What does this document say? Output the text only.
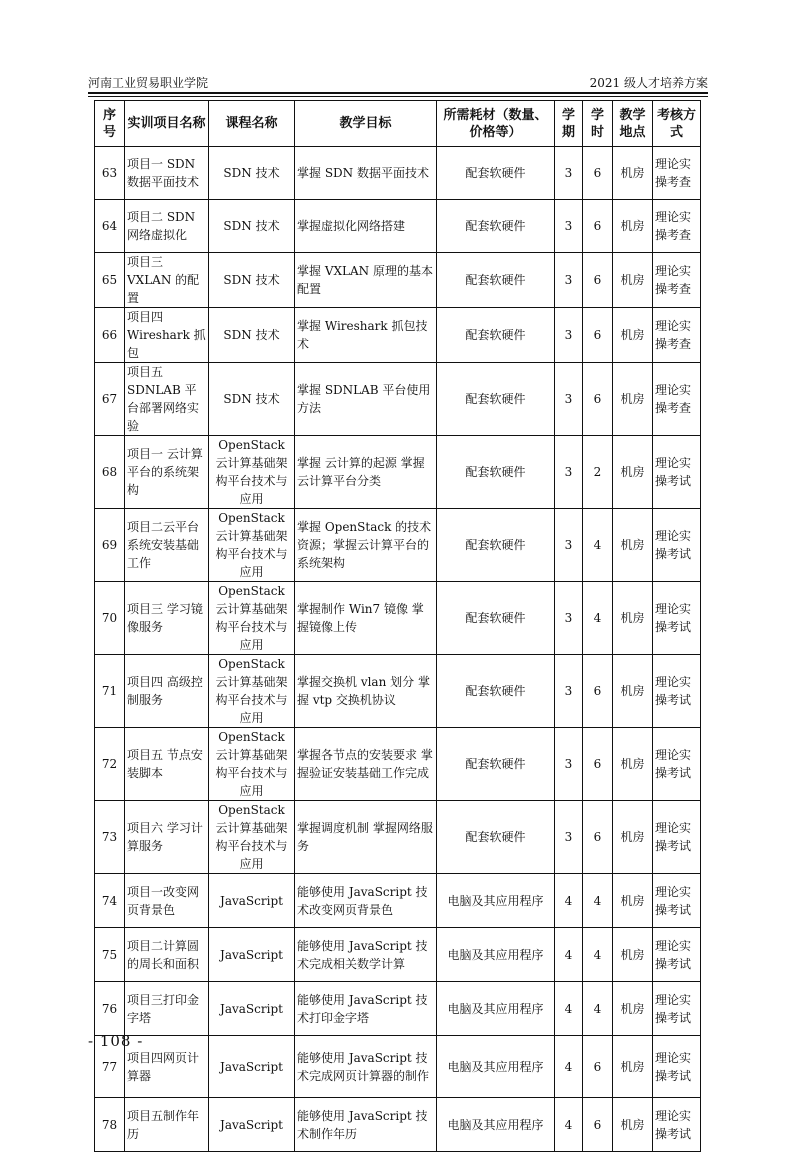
河南工业贸易职业学院	2021 级人才培养方案
序号	实训项目名称	课程名称	教学目标	所需耗材（数量、价格等）	学期	学时	教学地点	考核方式
63	项目一 SDN 数据平面技术	SDN 技术	掌握 SDN 数据平面技术	配套软硬件	3	6	机房	理论实操考查
64	项目二 SDN 网络虚拟化	SDN 技术	掌握虚拟化网络搭建	配套软硬件	3	6	机房	理论实操考查
65	项目三 VXLAN 的配置	SDN 技术	掌握 VXLAN 原理的基本配置	配套软硬件	3	6	机房	理论实操考查
66	项目四 Wireshark 抓包	SDN 技术	掌握 Wireshark 抓包技术	配套软硬件	3	6	机房	理论实操考查
67	项目五 SDNLAB 平台部署网络实验	SDN 技术	掌握 SDNLAB 平台使用方法	配套软硬件	3	6	机房	理论实操考查
68	项目一 云计算平台的系统架构	OpenStack 云计算基础架构平台技术与应用	掌握 云计算的起源 掌握 云计算平台分类	配套软硬件	3	2	机房	理论实操考试
69	项目二云平台系统安装基础工作	OpenStack 云计算基础架构平台技术与应用	掌握 OpenStack 的技术资源；掌握云计算平台的系统架构	配套软硬件	3	4	机房	理论实操考试
70	项目三 学习镜像服务	OpenStack 云计算基础架构平台技术与应用	掌握制作 Win7 镜像 掌握镜像上传	配套软硬件	3	4	机房	理论实操考试
71	项目四 高级控制服务	OpenStack 云计算基础架构平台技术与应用	掌握交换机 vlan 划分 掌握 vtp 交换机协议	配套软硬件	3	6	机房	理论实操考试
72	项目五 节点安装脚本	OpenStack 云计算基础架构平台技术与应用	掌握各节点的安装要求 掌握验证安装基础工作完成	配套软硬件	3	6	机房	理论实操考试
73	项目六 学习计算服务	OpenStack 云计算基础架构平台技术与应用	掌握调度机制 掌握网络服务	配套软硬件	3	6	机房	理论实操考试
74	项目一改变网页背景色	JavaScript	能够使用 JavaScript 技术改变网页背景色	电脑及其应用程序	4	4	机房	理论实操考试
75	项目二计算圆的周长和面积	JavaScript	能够使用 JavaScript 技术完成相关数学计算	电脑及其应用程序	4	4	机房	理论实操考试
76	项目三打印金字塔	JavaScript	能够使用 JavaScript 技术打印金字塔	电脑及其应用程序	4	4	机房	理论实操考试
77	项目四网页计算器	JavaScript	能够使用 JavaScript 技术完成网页计算器的制作	电脑及其应用程序	4	6	机房	理论实操考试
78	项目五制作年历	JavaScript	能够使用 JavaScript 技术制作年历	电脑及其应用程序	4	6	机房	理论实操考试
- 108 -
